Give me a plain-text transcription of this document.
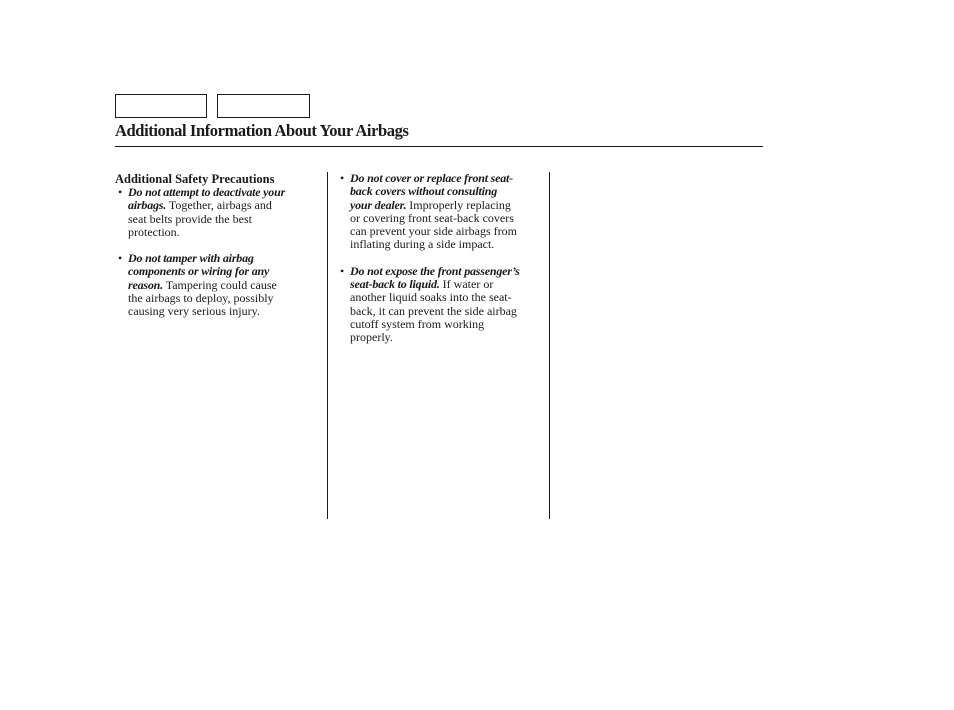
Additional Information About Your Airbags
Additional Safety Precautions
• Do not attempt to deactivate your
airbags. Together, airbags and
seat belts provide the best
protection.
• Do not tamper with airbag
components or wiring for any
reason. Tampering could cause
the airbags to deploy, possibly
causing very serious injury.
• Do not cover or replace front seat-
back covers without consulting
your dealer. Improperly replacing
or covering front seat-back covers
can prevent your side airbags from
inflating during a side impact.
• Do not expose the front passenger’s
seat-back to liquid. If water or
another liquid soaks into the seat-
back, it can prevent the side airbag
cutoff system from working
properly.
